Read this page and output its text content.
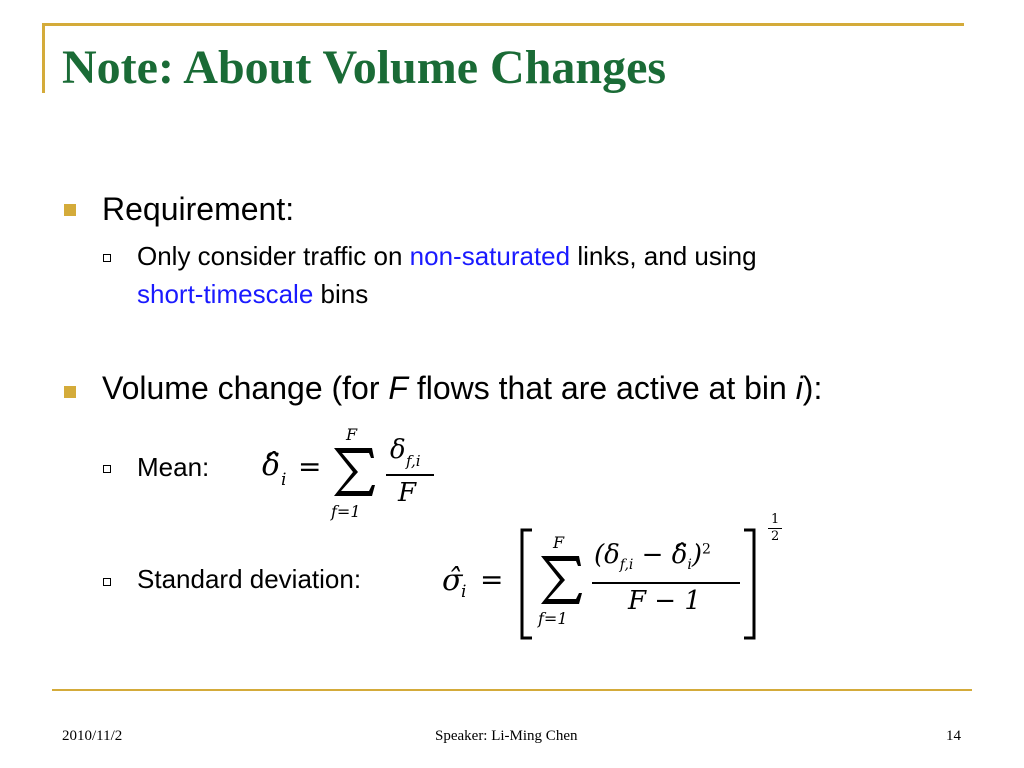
Note: About Volume Changes
Requirement:
Only consider traffic on non-saturated links, and using
short-timescale bins
Volume change (for F flows that are active at bin i):
Mean: δ̂ i =
F
f=1
δ f,i
F
Standard deviation:	σ̂
i =
F
f=1
($\delta_{f,i}$ − $\deltâ_i)^2$
F − 1
1
2
2010/11/2	Speaker: Li-Ming Chen	14
